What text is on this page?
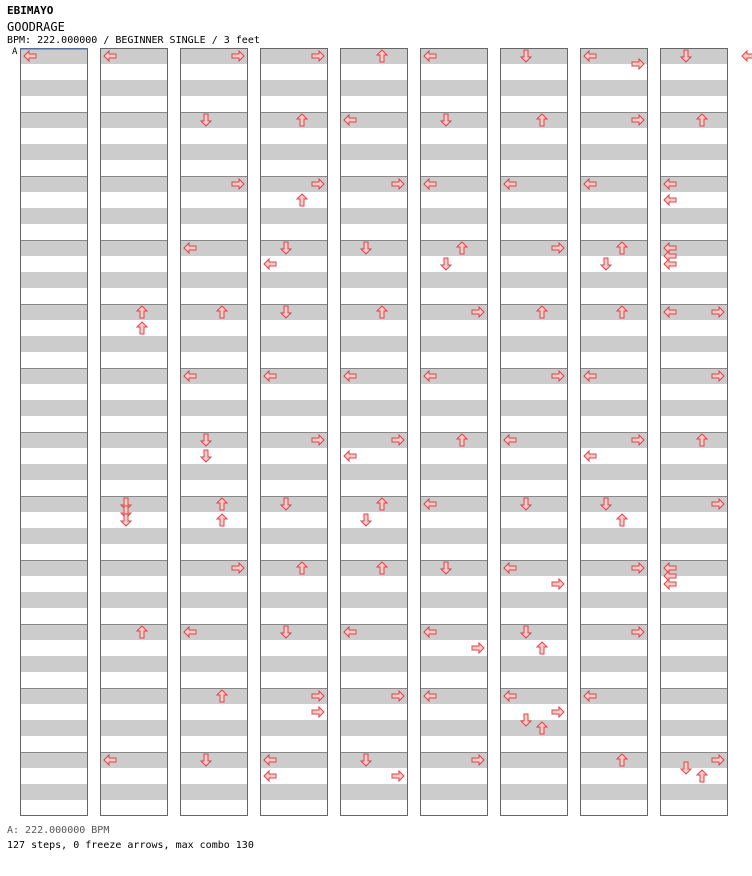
EBIMAYO
GOODRAGE
BPM: 222.000000 / BEGINNER SINGLE / 3 feet
A
A: 222.000000 BPM
127 steps, 0 freeze arrows, max combo 130
